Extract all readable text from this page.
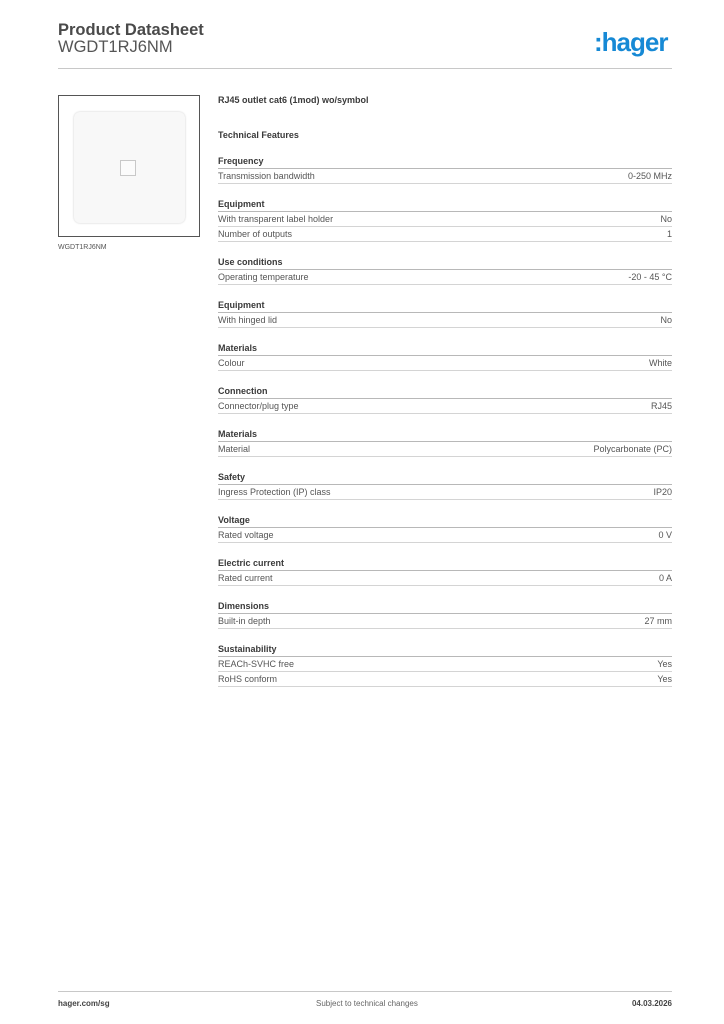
Product Datasheet
WGDT1RJ6NM	:hager
WGDT1RJ6NM
RJ45 outlet cat6 (1mod) wo/symbol
Technical Features
Frequency
Transmission bandwidth	0-250 MHz
Equipment
With transparent label holder	No
Number of outputs	1
Use conditions
Operating temperature	-20 - 45 °C
Equipment
With hinged lid	No
Materials
Colour	White
Connection
Connector/plug type	RJ45
Materials
Material	Polycarbonate (PC)
Safety
Ingress Protection (IP) class	IP20
Voltage
Rated voltage	0 V
Electric current
Rated current	0 A
Dimensions
Built-in depth	27 mm
Sustainability
REACh-SVHC free	Yes
RoHS conform	Yes
hager.com/sg	Subject to technical changes	04.03.2026
